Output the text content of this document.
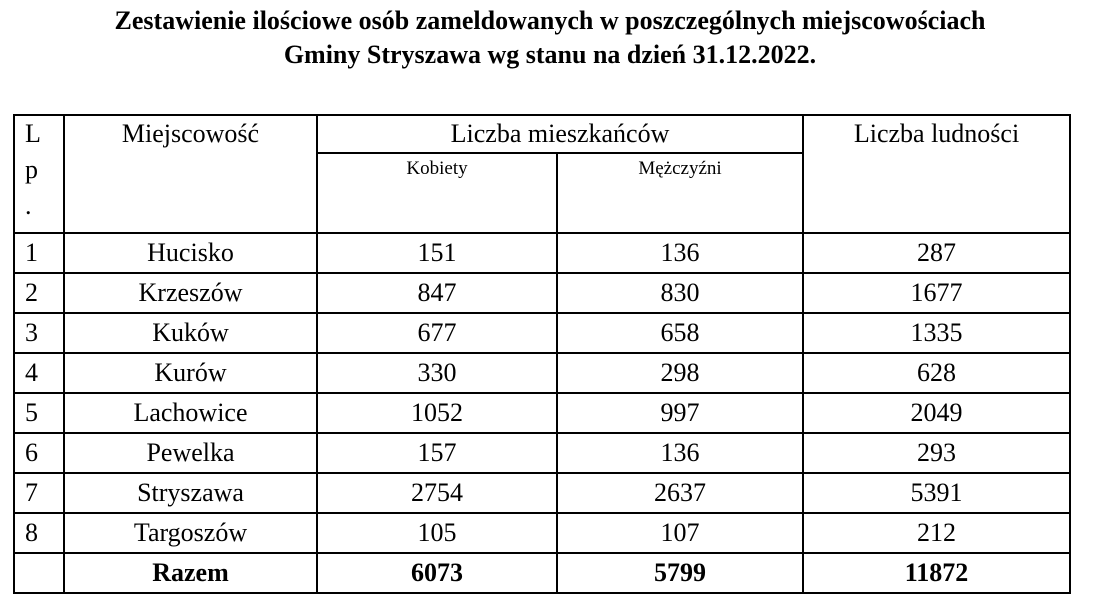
Zestawienie ilościowe osób zameldowanych w poszczególnych miejscowościach
Gminy Stryszawa wg stanu na dzień 31.12.2022.
L
p
.	Miejscowość	Liczba mieszkańców		Liczba ludności
		Kobiety	Mężczyźni	
1	Hucisko	151	136	287
2	Krzeszów	847	830	1677
3	Kuków	677	658	1335
4	Kurów	330	298	628
5	Lachowice	1052	997	2049
6	Pewelka	157	136	293
7	Stryszawa	2754	2637	5391
8	Targoszów	105	107	212
	Razem	6073	5799	11872
